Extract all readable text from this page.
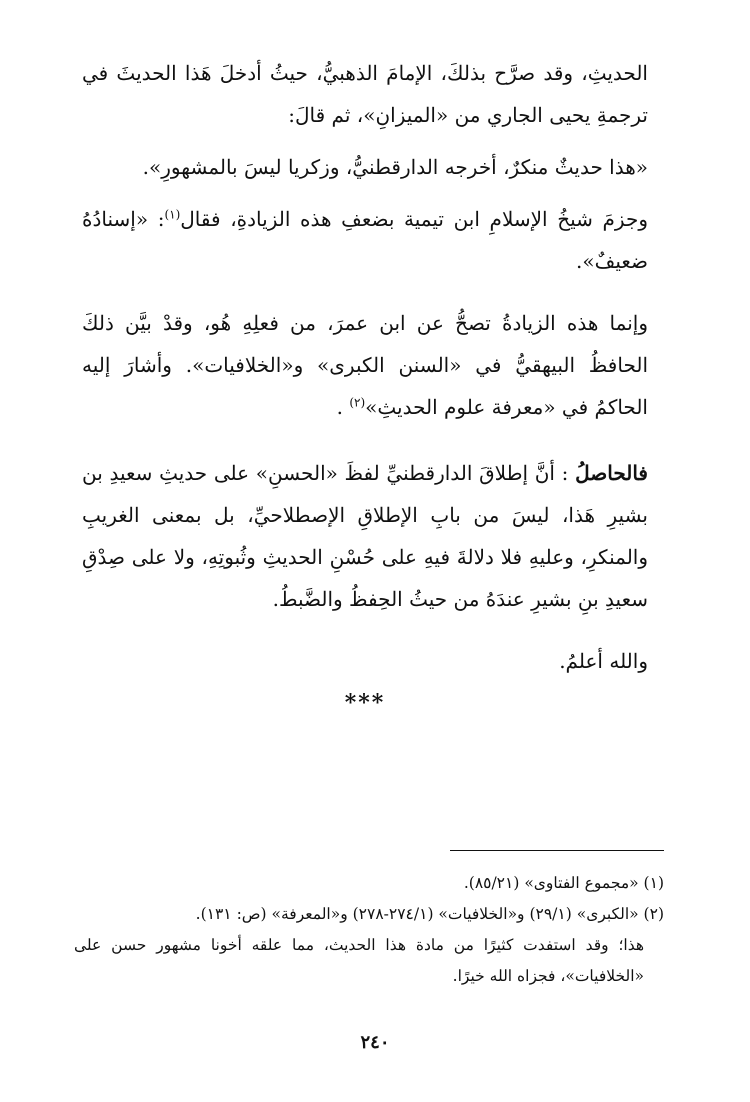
الحديثِ، وقد صرَّح بذلكَ، الإمامَ الذهبيُّ، حيثُ أدخلَ هَذا الحديثَ في ترجمةِ يحيى الجاري من «الميزانِ»، ثم قالَ:

«هذا حديثٌ منكرٌ، أخرجه الدارقطنيُّ، وزكريا ليسَ بالمشهورِ».

وجزمَ شيخُ الإسلامِ ابن تيمية بضعفِ هذه الزيادةِ، فقال$^{(١)}$: «إسنادُهُ ضعيفٌ».

وإنما هذه الزيادةُ تصحُّ عن ابن عمرَ، من فعلِهِ هُو، وقدْ بيَّن ذلكَ الحافظُ البيهقيُّ في «السنن الكبرى» و«الخلافيات». وأشارَ إليه الحاكمُ في «معرفة علوم الحديثِ»$^{(٢)}$ .

فالحاصلُ : أنَّ إطلاقَ الدارقطنيِّ لفظَ «الحسنِ» على حديثِ سعيدِ بن بشيرِ هَذا، ليسَ من بابِ الإطلاقِ الإصطلاحيِّ، بل بمعنى الغريبِ والمنكرِ، وعليهِ فلا دلالةَ فيهِ على حُسْنِ الحديثِ وثُبوتِهِ، ولا على صِدْقِ سعيدِ بنِ بشيرِ عندَهُ من حيثُ الحِفظُ والضَّبطُ.

والله أعلمُ.

***

(١) «مجموع الفتاوى» (٨٥/٢١).

(٢) «الكبرى» (٢٩/١) و«الخلافيات» (٢٧٤/١-٢٧٨) و«المعرفة» (ص: ١٣١).

هذا؛ وقد استفدت كثيرًا من مادة هذا الحديث، مما علقه أخونا مشهور حسن على «الخلافيات»، فجزاه الله خيرًا.

٢٤٠
